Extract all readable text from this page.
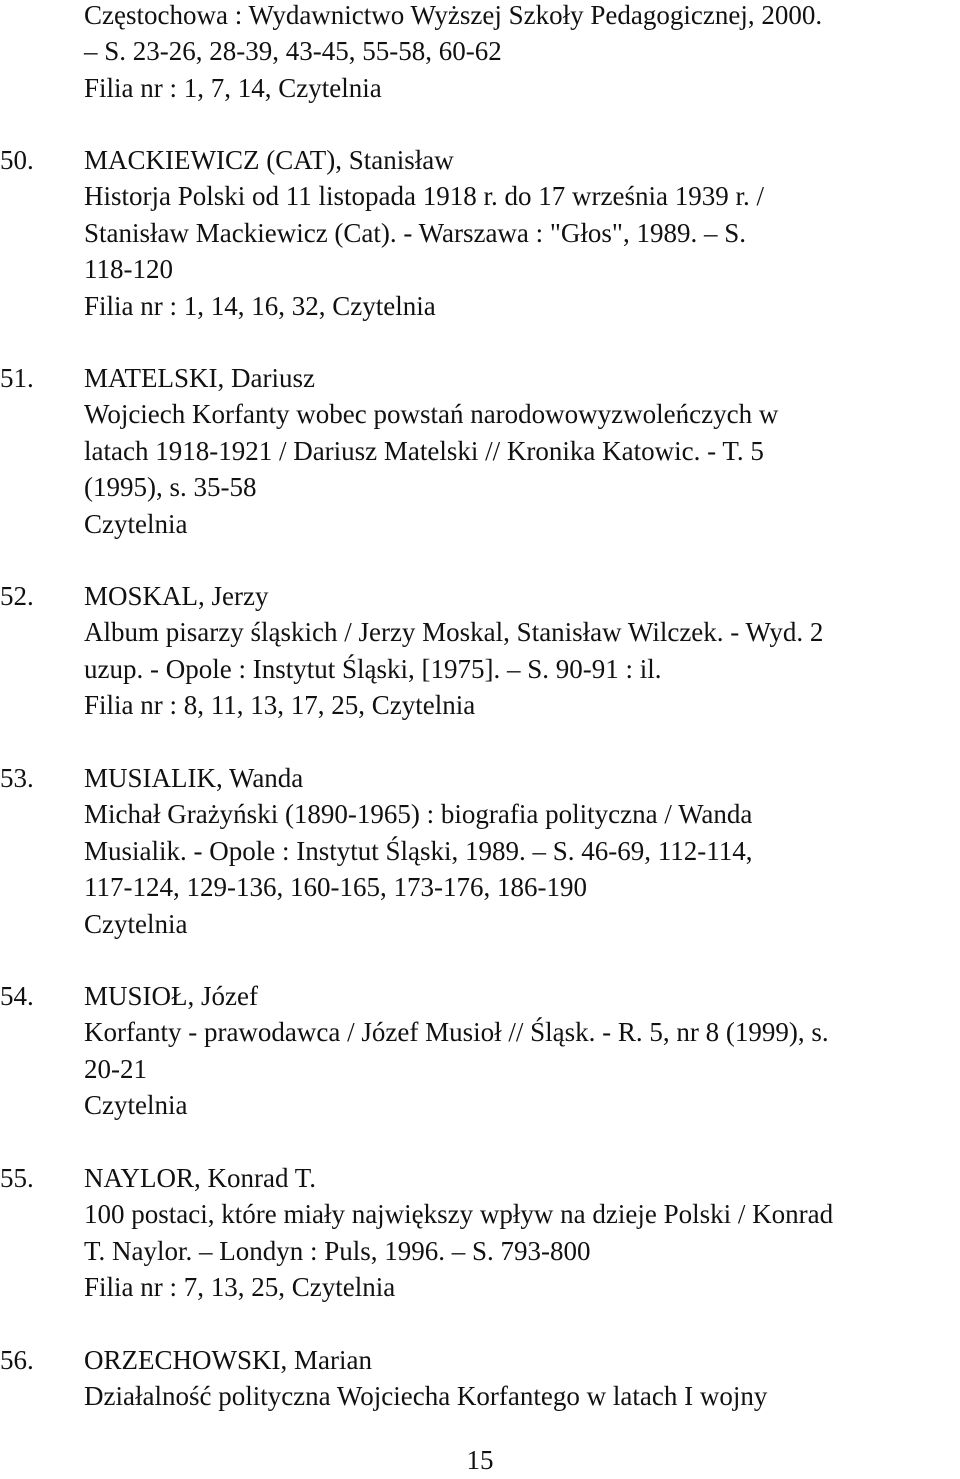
Częstochowa : Wydawnictwo Wyższej Szkoły Pedagogicznej, 2000.
– S. 23-26, 28-39, 43-45, 55-58, 60-62
Filia nr : 1, 7, 14, Czytelnia
50.	MACKIEWICZ (CAT), Stanisław
Historja Polski od 11 listopada 1918 r. do 17 września 1939 r. /
Stanisław Mackiewicz (Cat). - Warszawa : "Głos", 1989. – S.
118-120
Filia nr : 1, 14, 16, 32, Czytelnia
51.	MATELSKI, Dariusz
Wojciech Korfanty wobec powstań narodowowyzwoleńczych w
latach 1918-1921 / Dariusz Matelski // Kronika Katowic. - T. 5
(1995), s. 35-58
Czytelnia
52.	MOSKAL, Jerzy
Album pisarzy śląskich / Jerzy Moskal, Stanisław Wilczek. - Wyd. 2
uzup. - Opole : Instytut Śląski, [1975]. – S. 90-91 : il.
Filia nr : 8, 11, 13, 17, 25, Czytelnia
53.	MUSIALIK, Wanda
Michał Grażyński (1890-1965) : biografia polityczna / Wanda
Musialik. - Opole : Instytut Śląski, 1989. – S. 46-69, 112-114,
117-124, 129-136, 160-165, 173-176, 186-190
Czytelnia
54.	MUSIOŁ, Józef
Korfanty - prawodawca / Józef Musioł // Śląsk. - R. 5, nr 8 (1999), s.
20-21
Czytelnia
55.	NAYLOR, Konrad T.
100 postaci, które miały największy wpływ na dzieje Polski / Konrad
T. Naylor. – Londyn : Puls, 1996. – S. 793-800
Filia nr : 7, 13, 25, Czytelnia
56.	ORZECHOWSKI, Marian
Działalność polityczna Wojciecha Korfantego w latach I wojny
15
